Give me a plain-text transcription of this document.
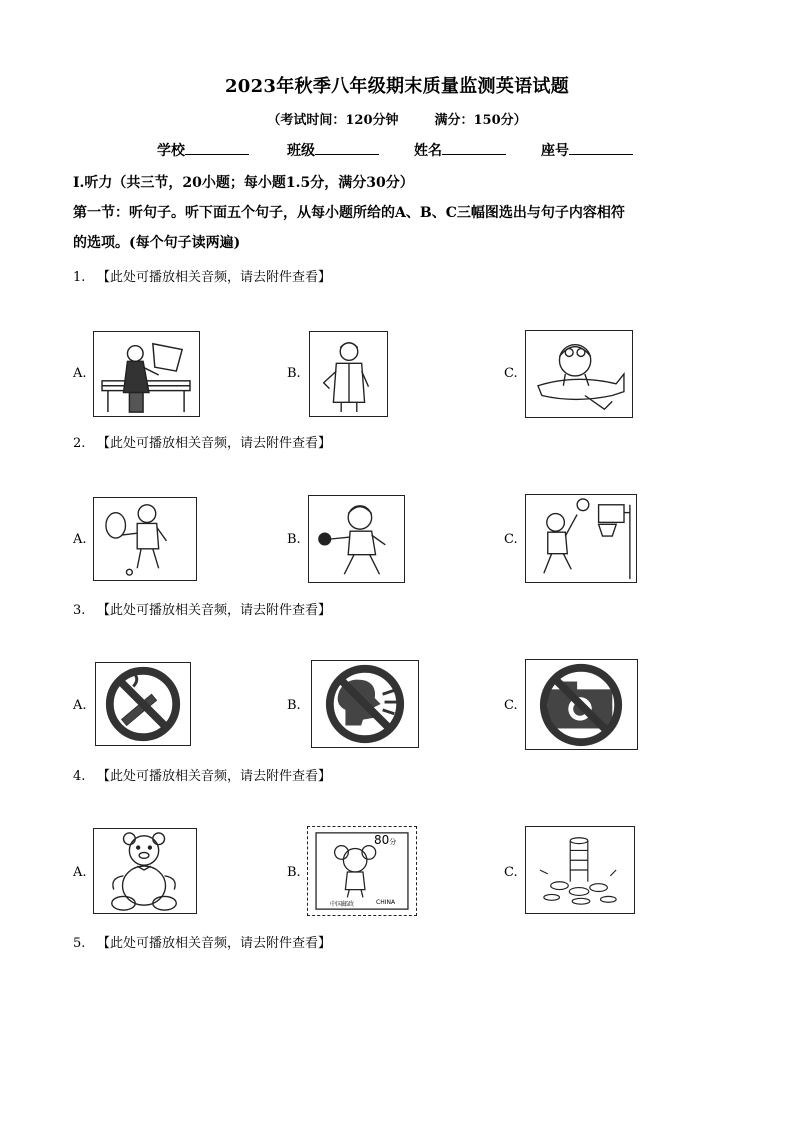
2023年秋季八年级期末质量监测英语试题
（考试时间：120分钟	满分：150分）
学校	班级	姓名	座号
Ⅰ.听力（共三节，20小题；每小题1.5分，满分30分）
第一节：听句子。听下面五个句子，从每小题所给的A、B、C三幅图选出与句子内容相符
的选项。(每个句子读两遍)
1. 【此处可播放相关音频，请去附件查看】
A.	B.	C.
2. 【此处可播放相关音频，请去附件查看】
A.	B.	C.
3. 【此处可播放相关音频，请去附件查看】
A.	B.	C.
4. 【此处可播放相关音频，请去附件查看】
A.	B.
80分
中国邮政	CHINA
C.
5. 【此处可播放相关音频，请去附件查看】
